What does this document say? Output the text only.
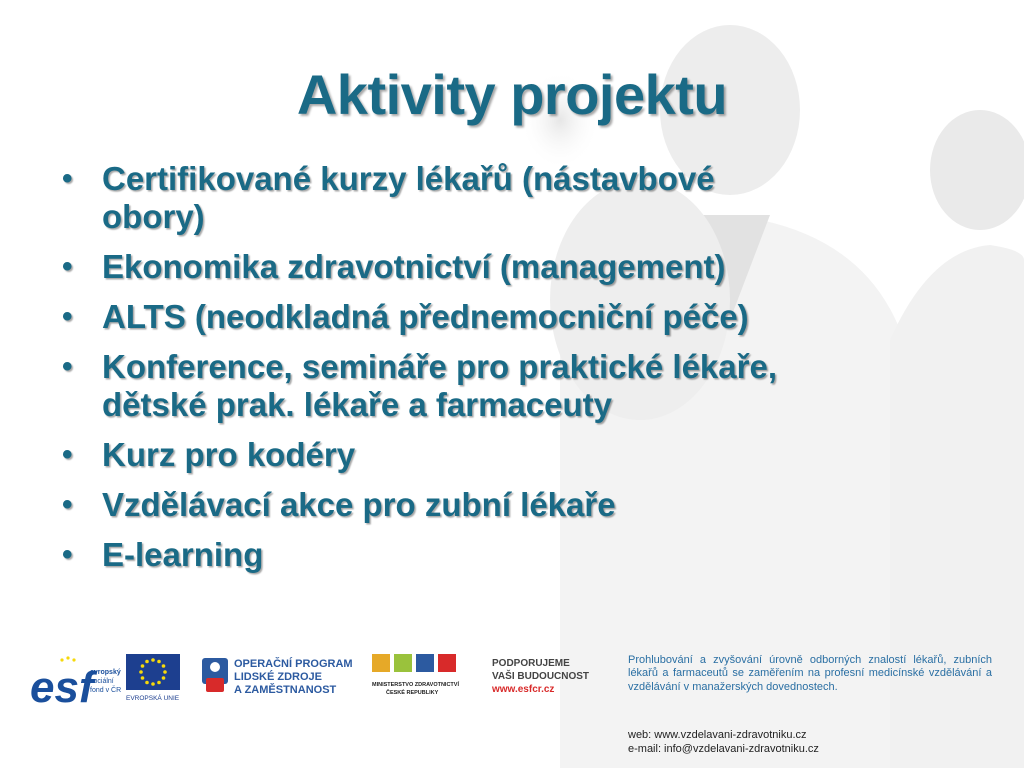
Aktivity projektu
• Certifikované kurzy lékařů (nástavbové
obory)
• Ekonomika zdravotnictví (management)
• ALTS (neodkladná přednemocniční péče)
• Konference, semináře pro praktické lékaře,
dětské prak. lékaře a farmaceuty
• Kurz pro kodéry
• Vzdělávací akce pro zubní lékaře
• E-learning
esf
evropský
sociální
fond v ČR
EVROPSKÁ UNIE
OPERAČNÍ PROGRAM
LIDSKÉ ZDROJE
A ZAMĚSTNANOST	MINISTERSTVO ZDRAVOTNICTVÍ
ČESKÉ REPUBLIKY
PODPORUJEME
VAŠI BUDOUCNOST
www.esfcr.cz
Prohlubování a zvyšování úrovně odborných znalostí lékařů, zubních lékařů a farmaceutů se zaměřením na profesní medicínské vzdělávání a vzdělávání v manažerských dovednostech.
web: www.vzdelavani-zdravotniku.cz
e-mail: info@vzdelavani-zdravotniku.cz
